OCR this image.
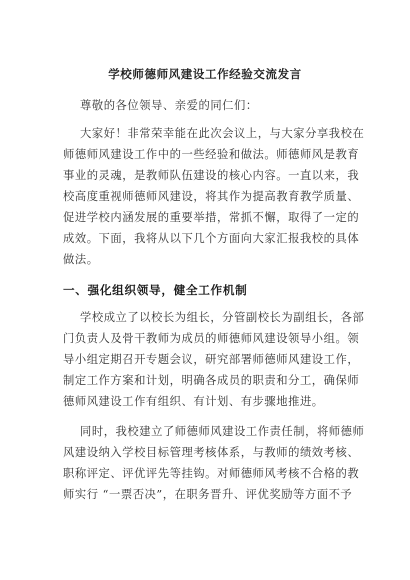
学校师德师风建设工作经验交流发言
尊敬的各位领导、亲爱的同仁们：
大家好！非常荣幸能在此次会议上，与大家分享我校在
师德师风建设工作中的一些经验和做法。师德师风是教育
事业的灵魂，是教师队伍建设的核心内容。一直以来，我
校高度重视师德师风建设，将其作为提高教育教学质量、
促进学校内涵发展的重要举措，常抓不懈，取得了一定的
成效。下面，我将从以下几个方面向大家汇报我校的具体
做法。
一、强化组织领导，健全工作机制
学校成立了以校长为组长，分管副校长为副组长，各部
门负责人及骨干教师为成员的师德师风建设领导小组。领
导小组定期召开专题会议，研究部署师德师风建设工作，
制定工作方案和计划，明确各成员的职责和分工，确保师
德师风建设工作有组织、有计划、有步骤地推进。
同时，我校建立了师德师风建设工作责任制，将师德师
风建设纳入学校目标管理考核体系，与教师的绩效考核、
职称评定、评优评先等挂钩。对师德师风考核不合格的教
师实行 “一票否决”，在职务晋升、评优奖励等方面不予
